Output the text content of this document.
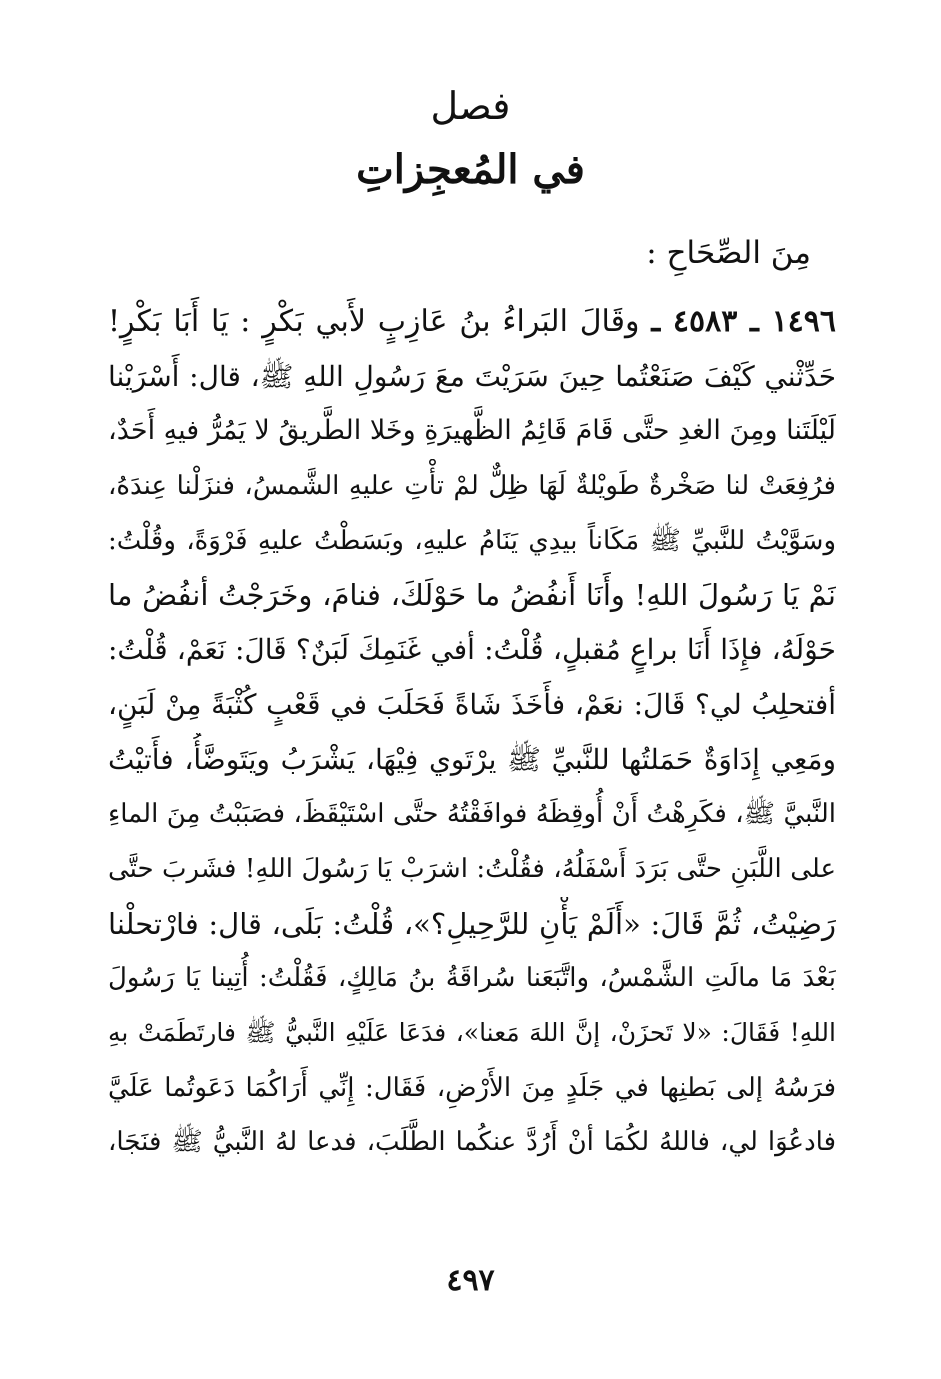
فصل
في المُعجِزاتِ
مِنَ الصِّحَاحِ :
١٤٩٦ ـ ٤٥٨٣ ـ وقَالَ البَراءُ بنُ عَازِبٍ لأَبي بَكْرٍ : يَا أَبَا بَكْرٍ!
حَدِّثْني كَيْفَ صَنَعْتُما حِينَ سَرَيْتَ معَ رَسُولِ اللهِ ﷺ، قال: أَسْرَيْنا
لَيْلَتَنا ومِنَ الغدِ حتَّى قَامَ قَائِمُ الظَّهيرَةِ وخَلا الطَّريقُ لا يَمُرُّ فيهِ أَحَدٌ،
فرُفِعَتْ لنا صَخْرةٌ طَويْلةٌ لَهَا ظِلٌّ لمْ تأْتِ عليهِ الشَّمسُ، فنزَلْنا عِندَهُ،
وسَوَّيْتُ للنَّبيِّ ﷺ مَكَاناً بيدِي يَنَامُ عليهِ، وبَسَطْتُ عليهِ فَرْوَةً، وقُلْتُ:
نَمْ يَا رَسُولَ اللهِ! وأَنَا أَنفُضُ ما حَوْلَكَ، فنامَ، وخَرَجْتُ أنفُضُ ما
حَوْلَهُ، فإِذَا أَنَا براعٍ مُقبلٍ، قُلْتُ: أفي غَنَمِكَ لَبَنٌ؟ قَالَ: نَعَمْ، قُلْتُ:
أفتحلِبُ لي؟ قَالَ: نعَمْ، فأَخَذَ شَاةً فَحَلَبَ في قَعْبٍ كُثْبَةً مِنْ لَبَنٍ،
ومَعِي إِدَاوَةٌ حَمَلتُها للنَّبيِّ ﷺ يرْتَوي فِيْهَا، يَشْرَبُ ويَتَوضَّأُ، فأَتيْتُ
النَّبيَّ ﷺ، فكَرِهْتُ أَنْ أُوقِظَهُ فوافَقْتُهُ حتَّى اسْتَيْقَظَ، فصَبَبْتُ مِنَ الماءِ
على اللَّبَنِ حتَّى بَرَدَ أَسْفَلُهُ، فقُلْتُ: اشرَبْ يَا رَسُولَ اللهِ! فشَربَ حتَّى
رَضِيْتُ، ثُمَّ قَالَ: «أَلَمْ يَأْنِ للرَّحِيلِ؟»، قُلْتُ: بَلَى، قال: فارْتحلْنا
بَعْدَ مَا مالَتِ الشَّمْسُ، واتَّبَعَنا سُراقَةُ بنُ مَالِكٍ، فَقُلْتُ: أُتِينا يَا رَسُولَ
اللهِ! فَقَالَ: «لا تَحزَنْ، إنَّ اللهَ مَعنا»، فدَعَا عَلَيْهِ النَّبيُّ ﷺ فارتَطَمَتْ بهِ
فرَسُهُ إلى بَطنِها في جَلَدٍ مِنَ الأَرْضِ، فَقَال: إِنِّي أَرَاكُمَا دَعَوتُما عَلَيَّ
فادعُوَا لي، فاللهُ لكُمَا أنْ أَرُدَّ عنكُما الطَّلَبَ، فدعا لهُ النَّبيُّ ﷺ فنَجَا،
٤٩٧
